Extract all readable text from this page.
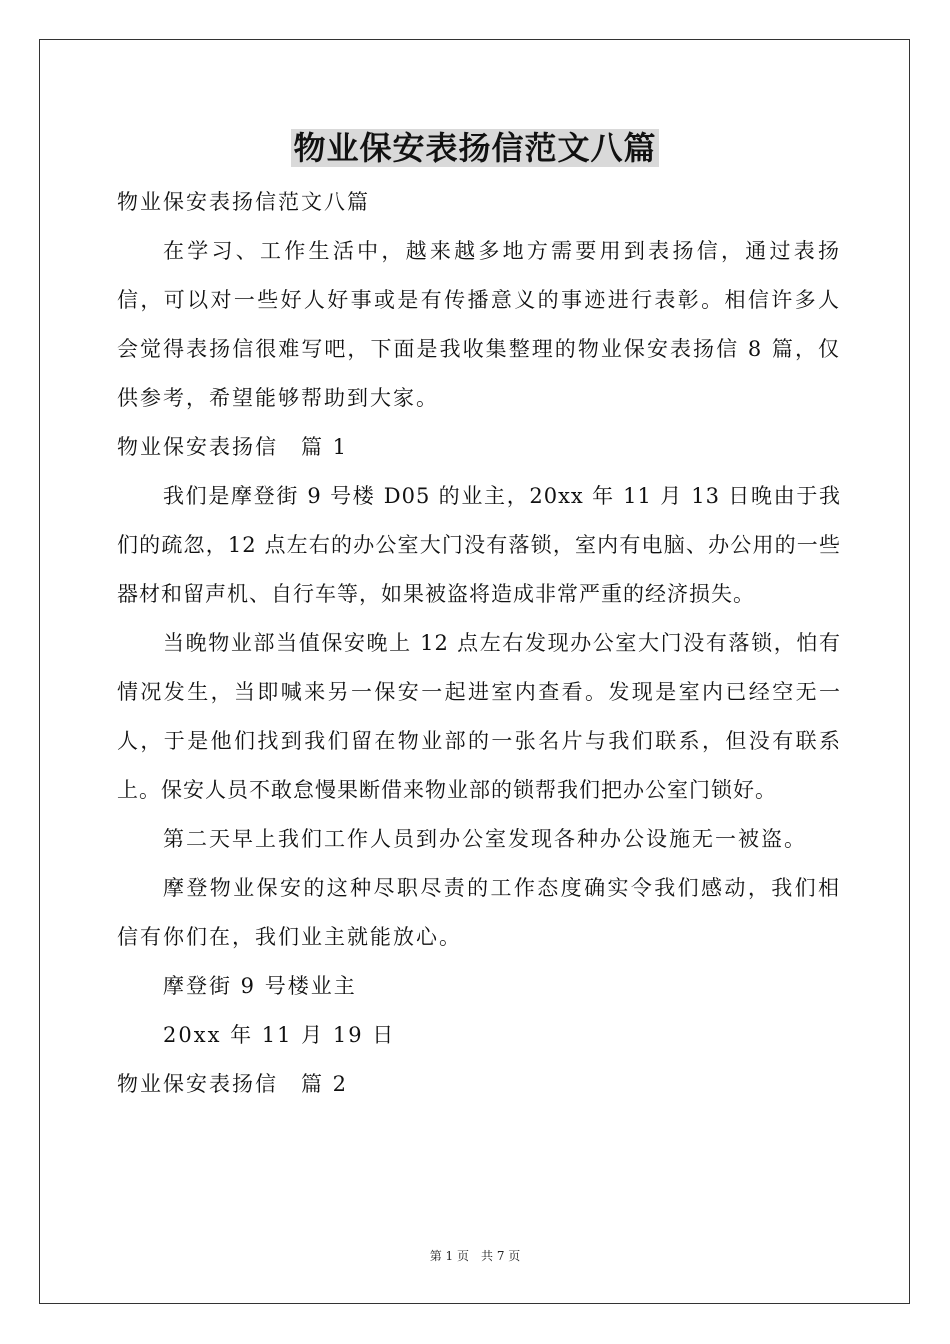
物业保安表扬信范文八篇

物业保安表扬信范文八篇

在学习、工作生活中，越来越多地方需要用到表扬信，通过表扬信，可以对一些好人好事或是有传播意义的事迹进行表彰。相信许多人会觉得表扬信很难写吧，下面是我收集整理的物业保安表扬信 8 篇，仅供参考，希望能够帮助到大家。

物业保安表扬信　篇 1

我们是摩登街 9 号楼 D05 的业主，20xx 年 11 月 13 日晚由于我们的疏忽，12 点左右的办公室大门没有落锁，室内有电脑、办公用的一些器材和留声机、自行车等，如果被盗将造成非常严重的经济损失。

当晚物业部当值保安晚上 12 点左右发现办公室大门没有落锁，怕有情况发生，当即喊来另一保安一起进室内查看。发现是室内已经空无一人，于是他们找到我们留在物业部的一张名片与我们联系，但没有联系上。保安人员不敢怠慢果断借来物业部的锁帮我们把办公室门锁好。

第二天早上我们工作人员到办公室发现各种办公设施无一被盗。

摩登物业保安的这种尽职尽责的工作态度确实令我们感动，我们相信有你们在，我们业主就能放心。

摩登街 9 号楼业主

20xx 年 11 月 19 日

物业保安表扬信　篇 2

第 1 页　共 7 页
